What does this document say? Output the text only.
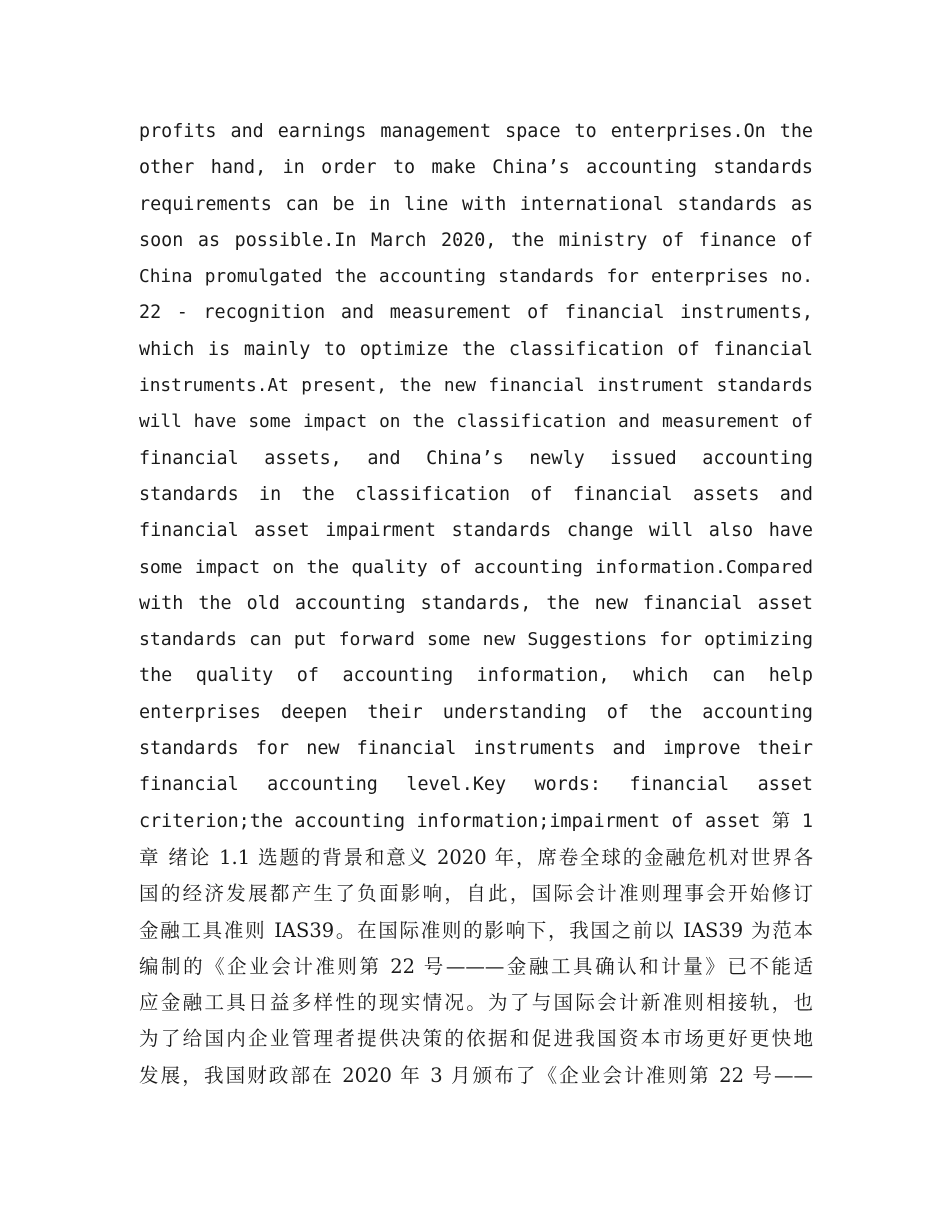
profits and earnings management space to enterprises.On the
other hand, in order to make China’s accounting standards
requirements can be in line with international standards as
soon as possible.In March 2020, the ministry of finance of
China promulgated the accounting standards for enterprises no.
22 - recognition and measurement of financial instruments,
which is mainly to optimize the classification of financial
instruments.At present, the new financial instrument standards
will have some impact on the classification and measurement of
financial assets, and China’s newly issued accounting
standards in the classification of financial assets and
financial asset impairment standards change will also have
some impact on the quality of accounting information.Compared
with the old accounting standards, the new financial asset
standards can put forward some new Suggestions for optimizing
the quality of accounting information, which can help
enterprises deepen their understanding of the accounting
standards for new financial instruments and improve their
financial accounting level.Key words: financial asset
criterion;the accounting information;impairment of asset 第 1
章 绪论 1.1 选题的背景和意义 2020 年，席卷全球的金融危机对世界各
国的经济发展都产生了负面影响，自此，国际会计准则理事会开始修订
金融工具准则 IAS39。在国际准则的影响下，我国之前以 IAS39 为范本
编制的《企业会计准则第 22 号———金融工具确认和计量》已不能适
应金融工具日益多样性的现实情况。为了与国际会计新准则相接轨，也
为了给国内企业管理者提供决策的依据和促进我国资本市场更好更快地
发展，我国财政部在 2020 年 3 月颁布了《企业会计准则第 22 号——
